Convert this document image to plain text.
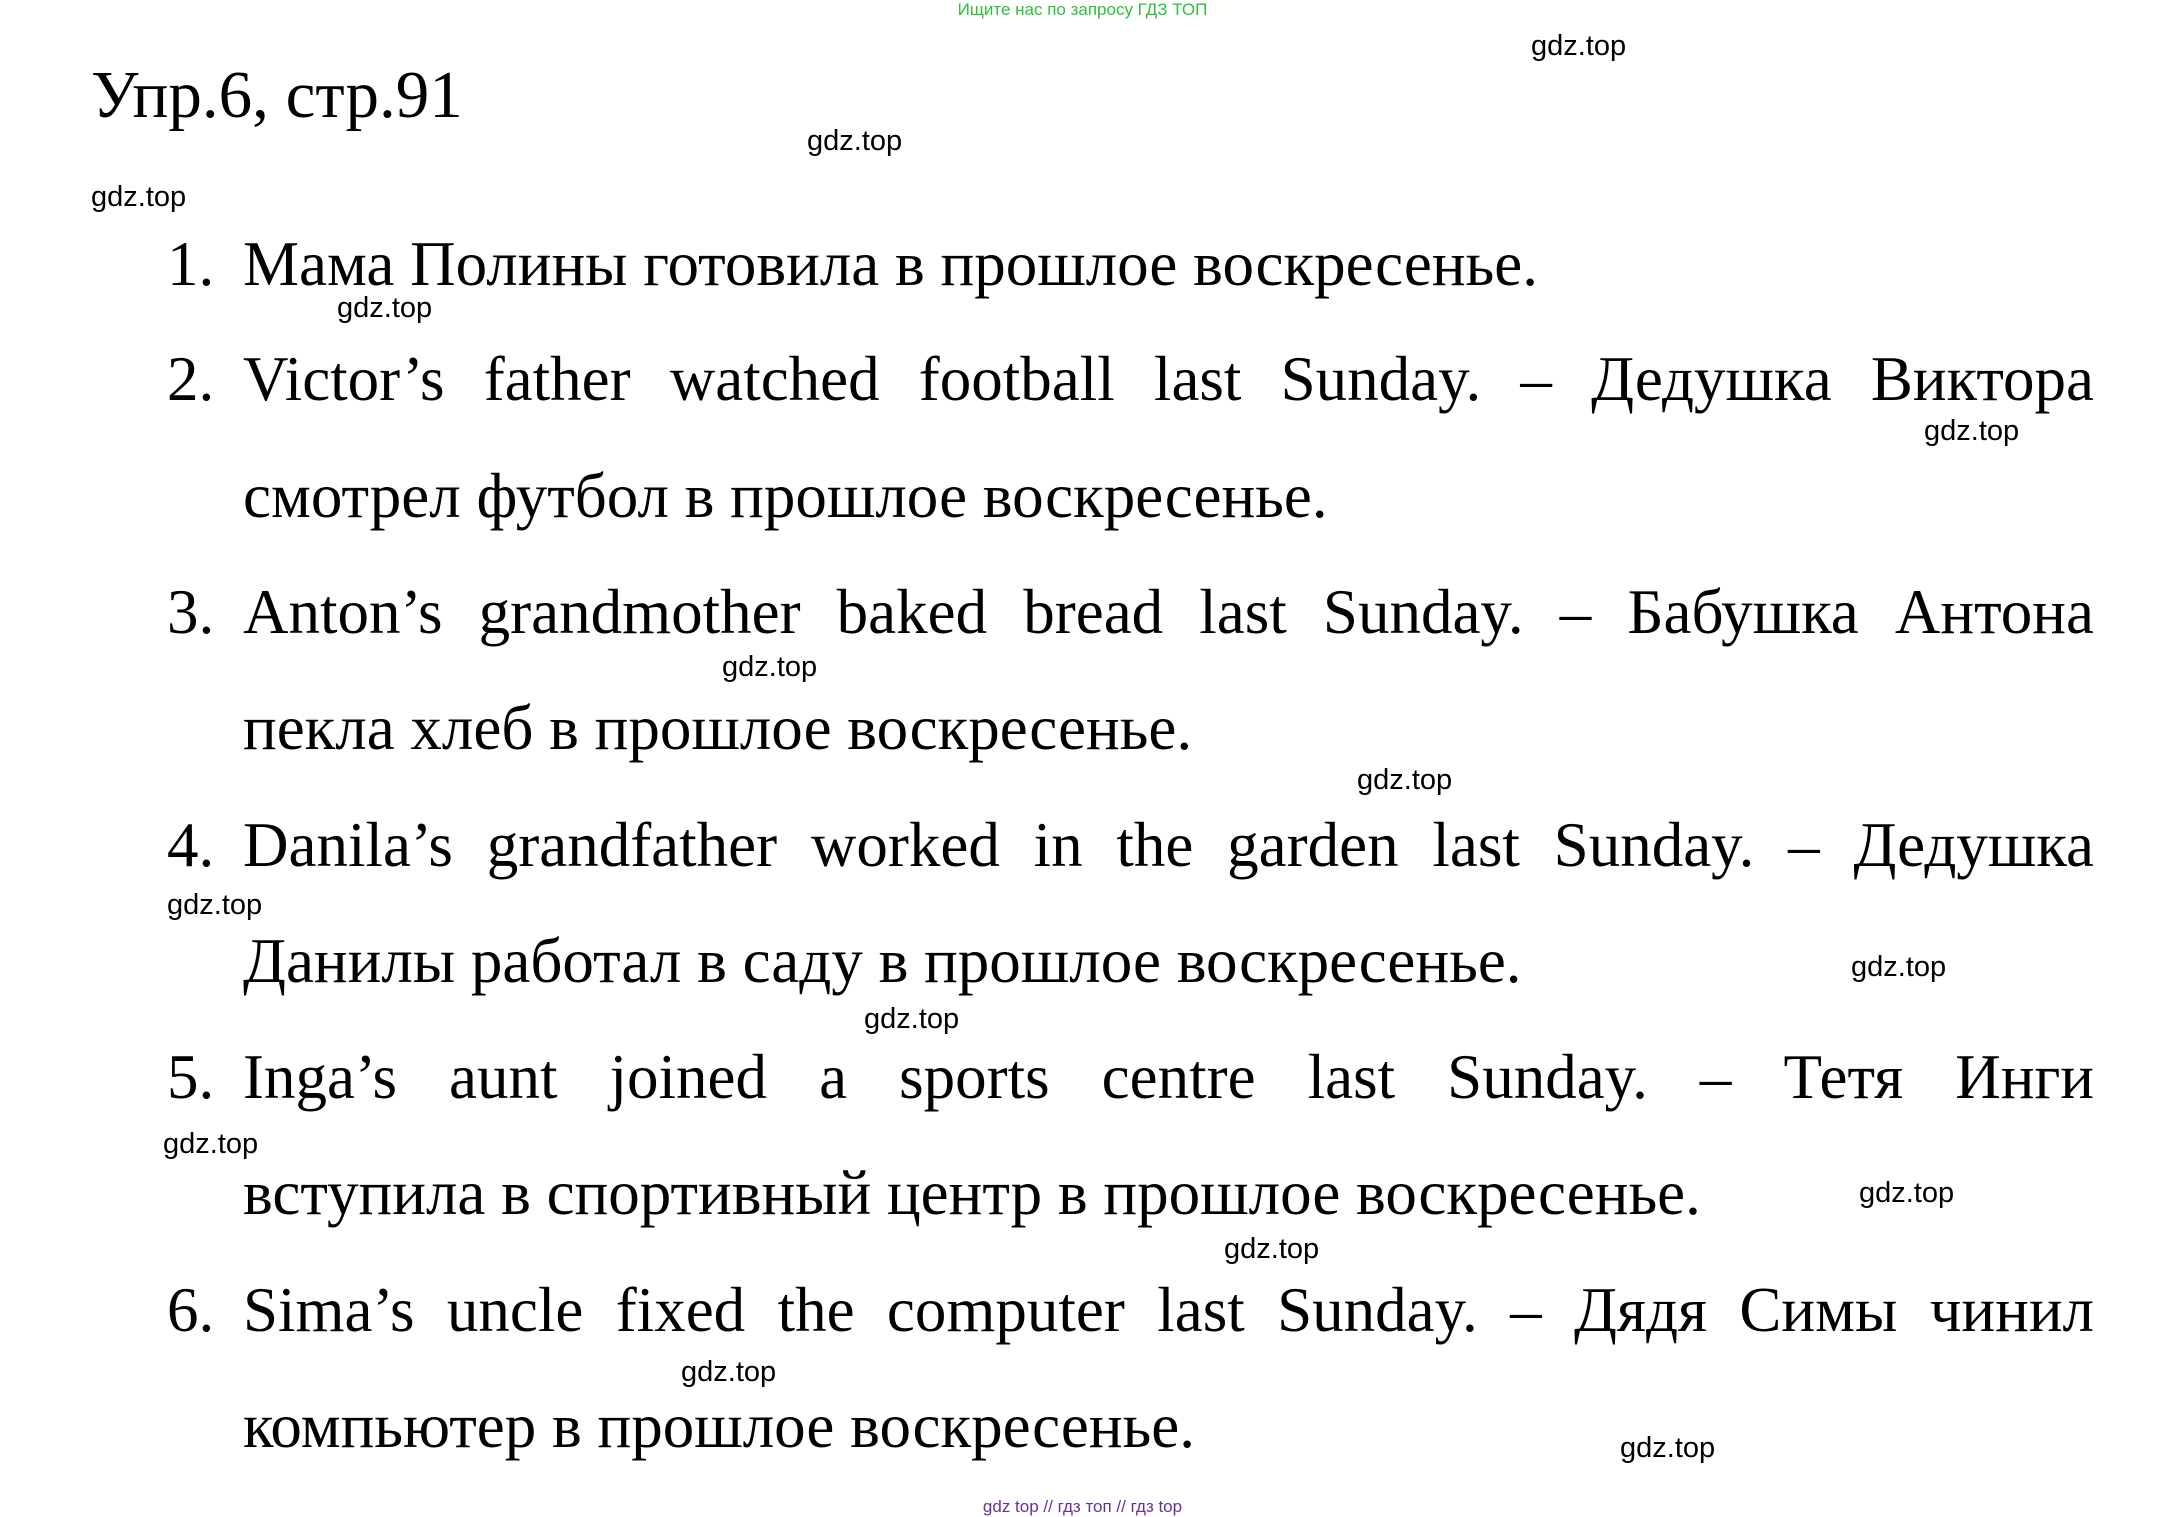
Ищите нас по запросу ГДЗ ТОП
Упр.6, стр.91
1. Мама Полины готовила в прошлое воскресенье.
2. Victor’s father watched football last Sunday. – Дедушка Виктора
смотрел футбол в прошлое воскресенье.
3. Anton’s grandmother baked bread last Sunday. – Бабушка Антона
пекла хлеб в прошлое воскресенье.
4. Danila’s grandfather worked in the garden last Sunday. – Дедушка
Данилы работал в саду в прошлое воскресенье.
5. Inga’s aunt joined a sports centre last Sunday. – Тетя Инги
вступила в спортивный центр в прошлое воскресенье.
6. Sima’s uncle fixed the computer last Sunday. – Дядя Симы чинил
компьютер в прошлое воскресенье.
gdz.top
gdz.top
gdz.top
gdz.top
gdz.top
gdz.top
gdz.top
gdz.top
gdz.top
gdz.top
gdz.top
gdz.top
gdz.top
gdz.top
gdz.top
gdz top // гдз топ // гдз top
